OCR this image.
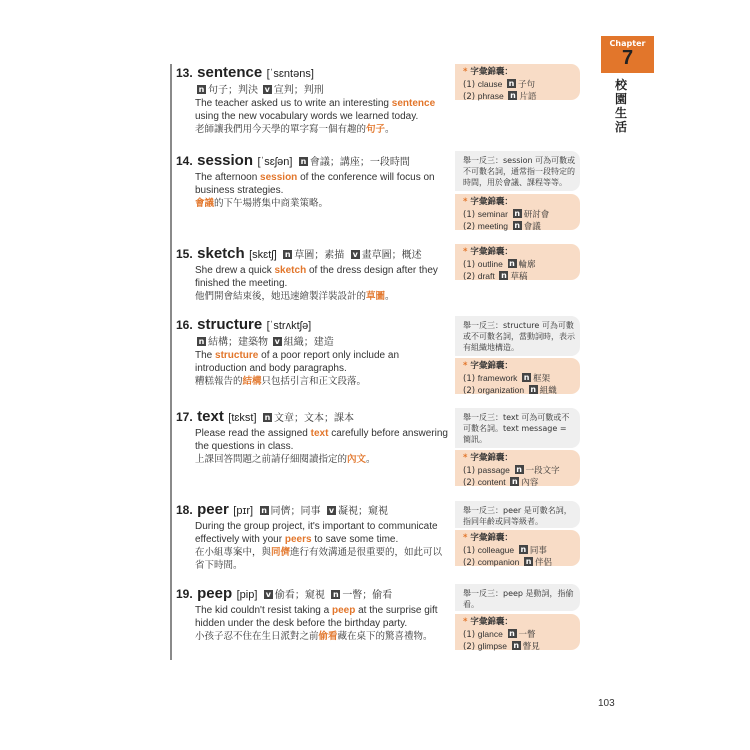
Chapter
7
校園生活
103
13. sentence [ˈsɛntəns]
n 句子；判決 v 宣判；判刑
The teacher asked us to write an interesting sentence using the new vocabulary words we learned today.
老師讓我們用今天學的單字寫一個有趣的句子。
14. session [ˈsɛʃən] n 會議；講座；一段時間
The afternoon session of the conference will focus on business strategies.
會議的下午場將集中商業策略。
15. sketch [skɛtʃ] n 草圖；素描 v 畫草圖；概述
She drew a quick sketch of the dress design after they finished the meeting.
他們開會結束後，她迅速繪製洋裝設計的草圖。
16. structure [ˈstrʌktʃə]
n 結構；建築物 v 組織；建造
The structure of a poor report only include an introduction and body paragraphs.
糟糕報告的結構只包括引言和正文段落。
17. text [tɛkst] n 文章；文本；課本
Please read the assigned text carefully before answering the questions in class.
上課回答問題之前請仔細閱讀指定的內文。
18. peer [pɪr] n 同儕；同事 v 凝視；窺視
During the group project, it's important to communicate effectively with your peers to save some time.
在小組專案中，與同儕進行有效溝通是很重要的，如此可以省下時間。
19. peep [pip] v 偷看；窺視 n 一瞥；偷看
The kid couldn't resist taking a peep at the surprise gift hidden under the desk before the birthday party.
小孩子忍不住在生日派對之前偷看藏在桌下的驚喜禮物。
* 字彙錦囊：
(1) clause n 子句
(2) phrase n 片語
舉一反三：session 可為可數或不可數名詞，通常指一段特定的時間，用於會議、課程等等。
* 字彙錦囊：
(1) seminar n 研討會
(2) meeting n 會議
* 字彙錦囊：
(1) outline n 輪廓
(2) draft n 草稿
舉一反三：structure 可為可數或不可數名詞，當動詞時，表示有組織地構造。
* 字彙錦囊：
(1) framework n 框架
(2) organization n 組織
舉一反三：text 可為可數或不可數名詞。text message = 簡訊。
* 字彙錦囊：
(1) passage n 一段文字
(2) content n 內容
舉一反三：peer 是可數名詞，指同年齡或同等級者。
* 字彙錦囊：
(1) colleague n 同事
(2) companion n 伴侶
舉一反三：peep 是動詞，指偷看。
* 字彙錦囊：
(1) glance n 一瞥
(2) glimpse n 瞥見
